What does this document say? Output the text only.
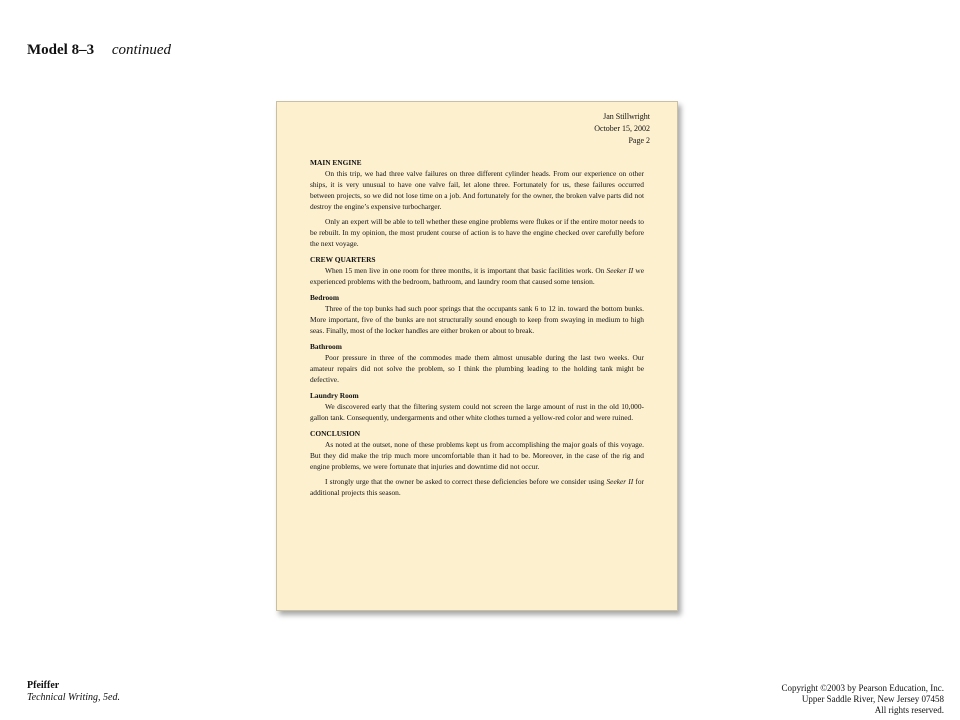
Model 8–3 continued
Jan Stillwright
October 15, 2002
Page 2

MAIN ENGINE

On this trip, we had three valve failures on three different cylinder heads. From our experience on other ships, it is very unusual to have one valve fail, let alone three. Fortunately for us, these failures occurred between projects, so we did not lose time on a job. And fortunately for the owner, the broken valve parts did not destroy the engine’s expensive turbocharger.

Only an expert will be able to tell whether these engine problems were flukes or if the entire motor needs to be rebuilt. In my opinion, the most prudent course of action is to have the engine checked over carefully before the next voyage.

CREW QUARTERS

When 15 men live in one room for three months, it is important that basic facilities work. On Seeker II we experienced problems with the bedroom, bathroom, and laundry room that caused some tension.

Bedroom

Three of the top bunks had such poor springs that the occupants sank 6 to 12 in. toward the bottom bunks. More important, five of the bunks are not structurally sound enough to keep from swaying in medium to high seas. Finally, most of the locker handles are either broken or about to break.

Bathroom

Poor pressure in three of the commodes made them almost unusable during the last two weeks. Our amateur repairs did not solve the problem, so I think the plumbing leading to the holding tank might be defective.

Laundry Room

We discovered early that the filtering system could not screen the large amount of rust in the old 10,000-gallon tank. Consequently, undergarments and other white clothes turned a yellow-red color and were ruined.

CONCLUSION

As noted at the outset, none of these problems kept us from accomplishing the major goals of this voyage. But they did make the trip much more uncomfortable than it had to be. Moreover, in the case of the rig and engine problems, we were fortunate that injuries and downtime did not occur.

I strongly urge that the owner be asked to correct these deficiencies before we consider using Seeker II for additional projects this season.

Pfeiffer
Technical Writing, 5ed.
Copyright ©2003 by Pearson Education, Inc.
Upper Saddle River, New Jersey 07458
All rights reserved.
